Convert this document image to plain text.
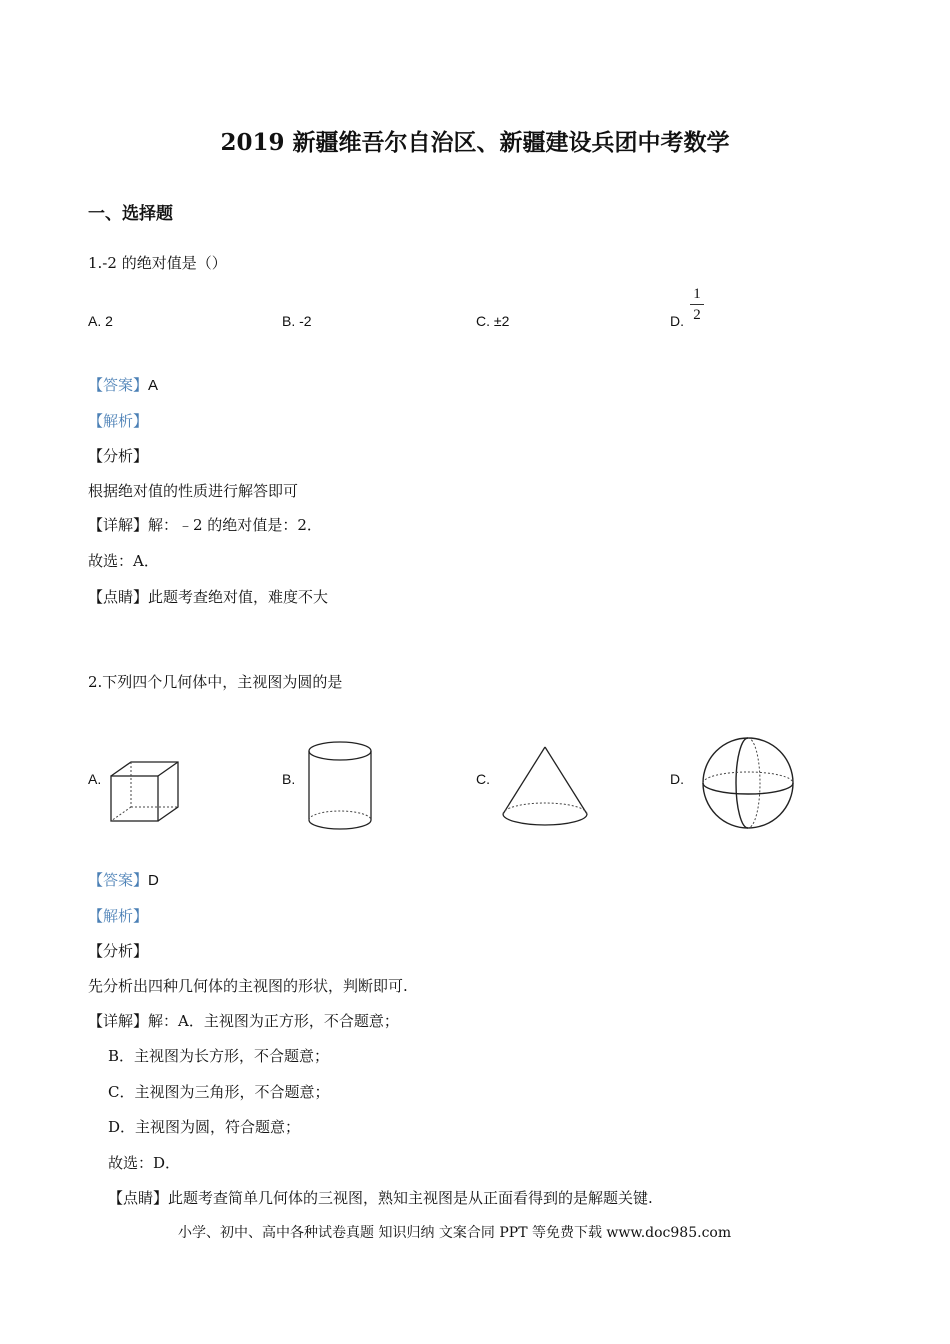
2019 新疆维吾尔自治区、新疆建设兵团中考数学
一、选择题
1.-2 的绝对值是（）
A. 2	B. -2	C. ±2	D.
1
2
【答案】A
【解析】
【分析】
根据绝对值的性质进行解答即可
【详解】解：﹣2 的绝对值是：2．
故选：A．
【点睛】此题考查绝对值，难度不大
2.下列四个几何体中，主视图为圆的是
A.	B.	C.	D.
【答案】D
【解析】
【分析】
先分析出四种几何体的主视图的形状，判断即可.
【详解】解：A．主视图为正方形，不合题意；
B．主视图为长方形，不合题意；
C．主视图为三角形，不合题意；
D．主视图为圆，符合题意；
故选：D．
【点睛】此题考查简单几何体的三视图，熟知主视图是从正面看得到的是解题关键.
小学、初中、高中各种试卷真题 知识归纳 文案合同 PPT 等免费下载 www.doc985.com
